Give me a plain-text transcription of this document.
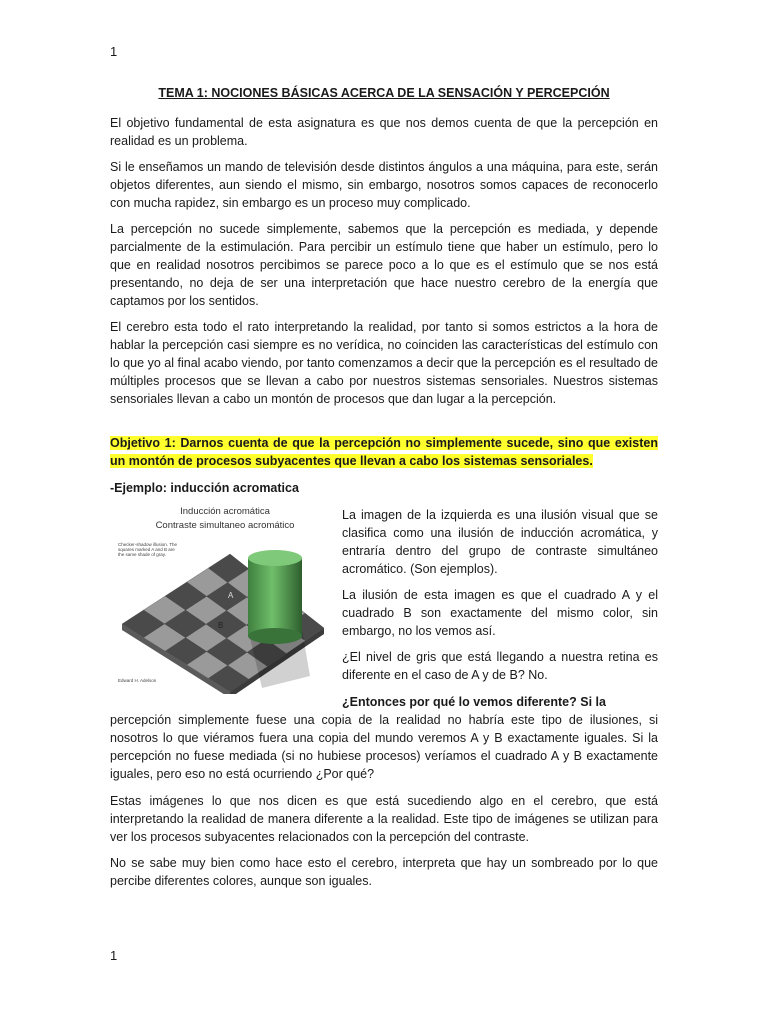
1
TEMA 1: NOCIONES BÁSICAS ACERCA DE LA SENSACIÓN Y PERCEPCIÓN

El objetivo fundamental de esta asignatura es que nos demos cuenta de que la percepción en realidad es un problema.

Si le enseñamos un mando de televisión desde distintos ángulos a una máquina, para este, serán objetos diferentes, aun siendo el mismo, sin embargo, nosotros somos capaces de reconocerlo con mucha rapidez, sin embargo es un proceso muy complicado.

La percepción no sucede simplemente, sabemos que la percepción es mediada, y depende parcialmente de la estimulación. Para percibir un estímulo tiene que haber un estímulo, pero lo que en realidad nosotros percibimos se parece poco a lo que es el estímulo que se nos está presentando, no deja de ser una interpretación que hace nuestro cerebro de la energía que captamos por los sentidos.

El cerebro esta todo el rato interpretando la realidad, por tanto si somos estrictos a la hora de hablar la percepción casi siempre es no verídica, no coinciden las características del estímulo con lo que yo al final acabo viendo, por tanto comenzamos a decir que la percepción es el resultado de múltiples procesos que se llevan a cabo por nuestros sistemas sensoriales. Nuestros sistemas sensoriales llevan a cabo un montón de procesos que dan lugar a la percepción.

Objetivo 1: Darnos cuenta de que la percepción no simplemente sucede, sino que existen un montón de procesos subyacentes que llevan a cabo los sistemas sensoriales.

-Ejemplo: inducción acromatica

Inducción acromática
Contraste simultaneo acromático
Checker-shadow illusion. The squares marked A and B are the same shade of gray.
A
B
Edward H. Adelson

La imagen de la izquierda es una ilusión visual que se clasifica como una ilusión de inducción acromática, y entraría dentro del grupo de contraste simultáneo acromático. (Son ejemplos).

La ilusión de esta imagen es que el cuadrado A y el cuadrado B son exactamente del mismo color, sin embargo, no los vemos así.

¿El nivel de gris que está llegando a nuestra retina es diferente en el caso de A y de B? No.

¿Entonces por qué lo vemos diferente? Si la

percepción simplemente fuese una copia de la realidad no habría este tipo de ilusiones, si nosotros lo que viéramos fuera una copia del mundo veremos A y B exactamente iguales. Si la percepción no fuese mediada (si no hubiese procesos) veríamos el cuadrado A y B exactamente iguales, pero eso no está ocurriendo ¿Por qué?

Estas imágenes lo que nos dicen es que está sucediendo algo en el cerebro, que está interpretando la realidad de manera diferente a la realidad. Este tipo de imágenes se utilizan para ver los procesos subyacentes relacionados con la percepción del contraste.

No se sabe muy bien como hace esto el cerebro, interpreta que hay un sombreado por lo que percibe diferentes colores, aunque son iguales.

1
